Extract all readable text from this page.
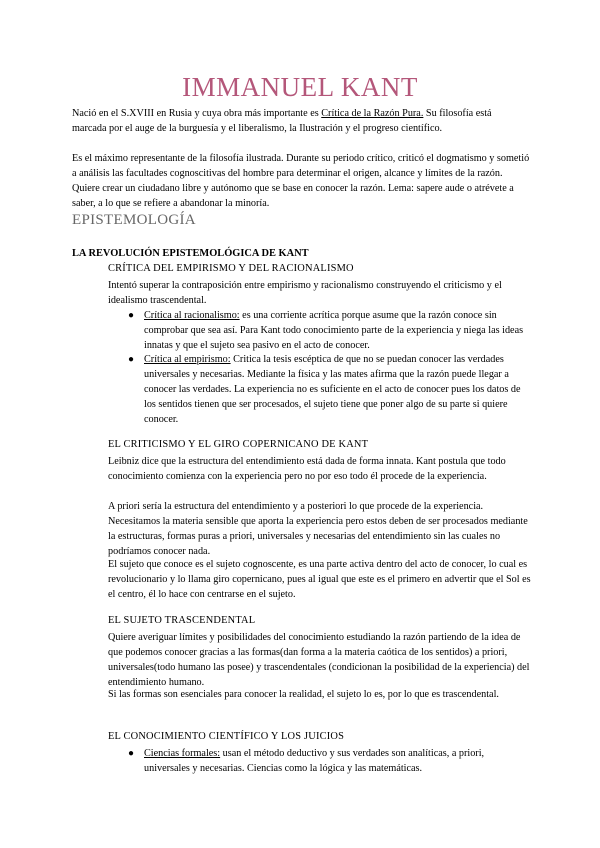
IMMANUEL KANT

Nació en el S.XVIII en Rusia y cuya obra más importante es Crítica de la Razón Pura. Su filosofía está marcada por el auge de la burguesía y el liberalismo, la Ilustración y el progreso científico.

Es el máximo representante de la filosofía ilustrada. Durante su periodo crítico, criticó el dogmatismo y sometió a análisis las facultades cognoscitivas del hombre para determinar el origen, alcance y límites de la razón. Quiere crear un ciudadano libre y autónomo que se base en conocer la razón. Lema: sapere aude o atrévete a saber, a lo que se refiere a abandonar la minoría.

EPISTEMOLOGÍA
LA REVOLUCIÓN EPISTEMOLÓGICA DE KANT
CRÍTICA DEL EMPIRISMO Y DEL RACIONALISMO

Intentó superar la contraposición entre empirismo y racionalismo construyendo el criticismo y el idealismo trascendental.

● Crítica al racionalismo: es una corriente acrítica porque asume que la razón conoce sin comprobar que sea así. Para Kant todo conocimiento parte de la experiencia y niega las ideas innatas y que el sujeto sea pasivo en el acto de conocer.

● Crítica al empirismo: Critica la tesis escéptica de que no se puedan conocer las verdades universales y necesarias. Mediante la física y las mates afirma que la razón puede llegar a conocer las verdades. La experiencia no es suficiente en el acto de conocer pues los datos de los sentidos tienen que ser procesados, el sujeto tiene que poner algo de su parte si quiere conocer.

EL CRITICISMO Y EL GIRO COPERNICANO DE KANT

Leibniz dice que la estructura del entendimiento está dada de forma innata. Kant postula que todo conocimiento comienza con la experiencia pero no por eso todo él procede de la experiencia.

A priori sería la estructura del entendimiento y a posteriori lo que procede de la experiencia. Necesitamos la materia sensible que aporta la experiencia pero estos deben de ser procesados mediante la estructuras, formas puras a priori, universales y necesarias del entendimiento sin las cuales no podríamos conocer nada.

El sujeto que conoce es el sujeto cognoscente, es una parte activa dentro del acto de conocer, lo cual es revolucionario y lo llama giro copernicano, pues al igual que este es el primero en advertir que el Sol es el centro, él lo hace con centrarse en el sujeto.

EL SUJETO TRASCENDENTAL

Quiere averiguar límites y posibilidades del conocimiento estudiando la razón partiendo de la idea de que podemos conocer gracias a las formas(dan forma a la materia caótica de los sentidos) a priori, universales(todo humano las posee) y trascendentales (condicionan la posibilidad de la experiencia) del entendimiento humano.

Si las formas son esenciales para conocer la realidad, el sujeto lo es, por lo que es trascendental.

EL CONOCIMIENTO CIENTÍFICO Y LOS JUICIOS
● Ciencias formales: usan el método deductivo y sus verdades son analíticas, a priori, universales y necesarias. Ciencias como la lógica y las matemáticas.
